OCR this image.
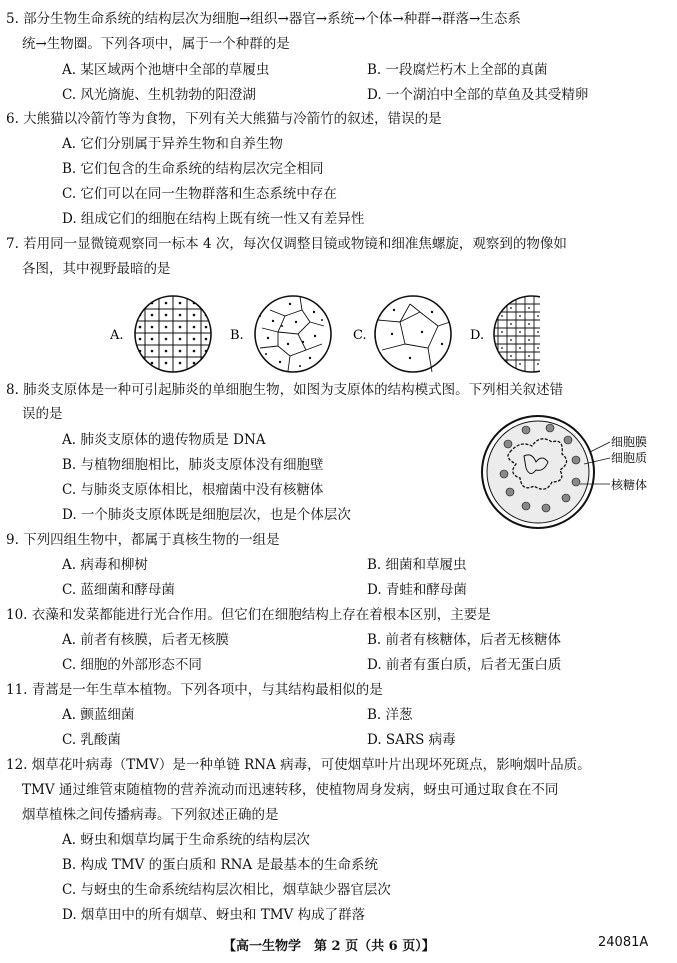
5. 部分生物生命系统的结构层次为细胞→组织→器官→系统→个体→种群→群落→生态系
统→生物圈。下列各项中，属于一个种群的是
A. 某区域两个池塘中全部的草履虫	B. 一段腐烂朽木上全部的真菌
C. 风光旖旎、生机勃勃的阳澄湖	D. 一个湖泊中全部的草鱼及其受精卵
6. 大熊猫以冷箭竹等为食物，下列有关大熊猫与冷箭竹的叙述，错误的是
A. 它们分别属于异养生物和自养生物
B. 它们包含的生命系统的结构层次完全相同
C. 它们可以在同一生物群落和生态系统中存在
D. 组成它们的细胞在结构上既有统一性又有差异性
7. 若用同一显微镜观察同一标本 4 次，每次仅调整目镜或物镜和细准焦螺旋，观察到的物像如
各图，其中视野最暗的是
A.	B.	C.	D.
8. 肺炎支原体是一种可引起肺炎的单细胞生物，如图为支原体的结构模式图。下列相关叙述错
误的是
A. 肺炎支原体的遗传物质是 DNA
B. 与植物细胞相比，肺炎支原体没有细胞壁
C. 与肺炎支原体相比，根瘤菌中没有核糖体
D. 一个肺炎支原体既是细胞层次，也是个体层次
细胞膜
细胞质
核糖体
9. 下列四组生物中，都属于真核生物的一组是
A. 病毒和柳树	B. 细菌和草履虫
C. 蓝细菌和酵母菌	D. 青蛙和酵母菌
10. 衣藻和发菜都能进行光合作用。但它们在细胞结构上存在着根本区别，主要是
A. 前者有核膜，后者无核膜	B. 前者有核糖体，后者无核糖体
C. 细胞的外部形态不同	D. 前者有蛋白质，后者无蛋白质
11. 青蒿是一年生草本植物。下列各项中，与其结构最相似的是
A. 颤蓝细菌	B. 洋葱
C. 乳酸菌	D. SARS 病毒
12. 烟草花叶病毒（TMV）是一种单链 RNA 病毒，可使烟草叶片出现坏死斑点，影响烟叶品质。
TMV 通过维管束随植物的营养流动而迅速转移，使植物周身发病，蚜虫可通过取食在不同
烟草植株之间传播病毒。下列叙述正确的是
A. 蚜虫和烟草均属于生命系统的结构层次
B. 构成 TMV 的蛋白质和 RNA 是最基本的生命系统
C. 与蚜虫的生命系统结构层次相比，烟草缺少器官层次
D. 烟草田中的所有烟草、蚜虫和 TMV 构成了群落
【高一生物学　第 2 页（共 6 页）】	24081A
